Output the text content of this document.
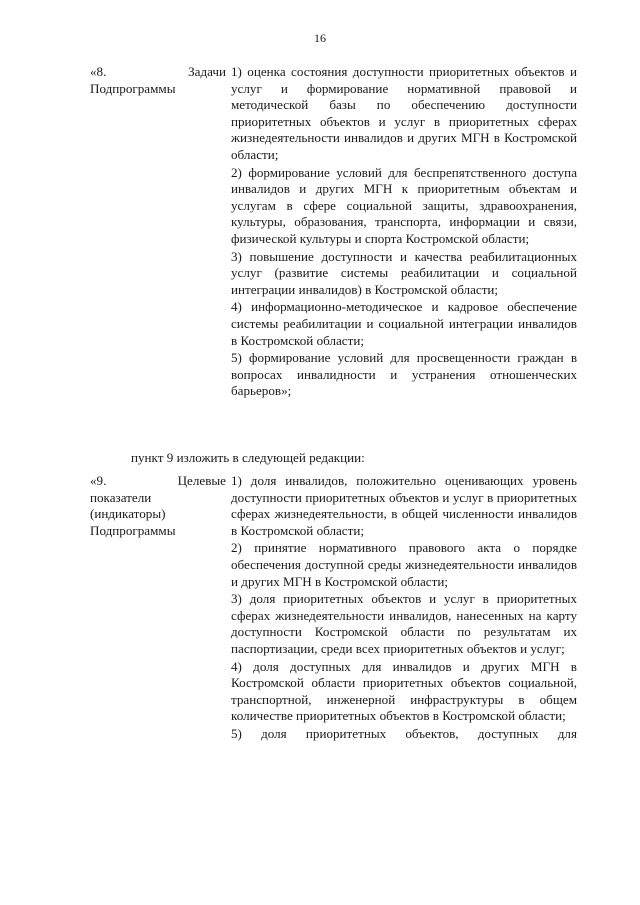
16
«8.	Задачи
Подпрограммы

1) оценка состояния доступности приоритетных объектов и услуг и формирование нормативной правовой и методической базы по обеспечению доступности приоритетных объектов и услуг в приоритетных сферах жизнедеятельности инвалидов и других МГН в Костромской области;

2) формирование условий для беспрепятственного доступа инвалидов и других МГН к приоритетным объектам и услугам в сфере социальной защиты, здравоохранения, культуры, образования, транспорта, информации и связи, физической культуры и спорта Костромской области;

3) повышение доступности и качества реабилитационных услуг (развитие системы реабилитации и социальной интеграции инвалидов) в Костромской области;

4) информационно-методическое и кадровое обеспечение системы реабилитации и социальной интеграции инвалидов в Костромской области;

5) формирование условий для просвещенности граждан в вопросах инвалидности и устранения отношенческих барьеров»;

пункт 9 изложить в следующей редакции:
«9.	Целевые
показатели
(индикаторы)
Подпрограммы

1) доля инвалидов, положительно оценивающих уровень доступности приоритетных объектов и услуг в приоритетных сферах жизнедеятельности, в общей численности инвалидов в Костромской области;

2) принятие нормативного правового акта о порядке обеспечения доступной среды жизнедеятельности инвалидов и других МГН в Костромской области;

3) доля приоритетных объектов и услуг в приоритетных сферах жизнедеятельности инвалидов, нанесенных на карту доступности Костромской области по результатам их паспортизации, среди всех приоритетных объектов и услуг;

4) доля доступных для инвалидов и других МГН в Костромской области приоритетных объектов социальной, транспортной, инженерной инфраструктуры в общем количестве приоритетных объектов в Костромской области;

5) доля приоритетных объектов, доступных для
